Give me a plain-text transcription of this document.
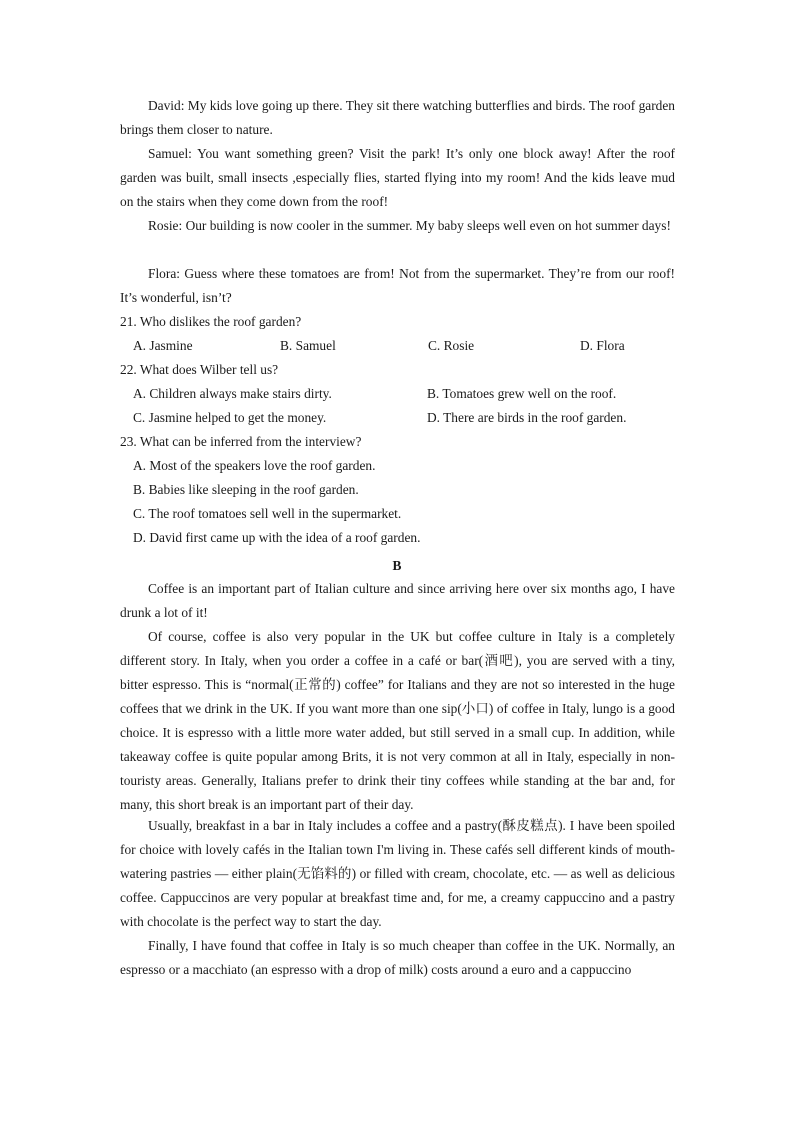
David: My kids love going up there. They sit there watching butterflies and birds. The roof garden brings them closer to nature.

Samuel: You want something green? Visit the park! It’s only one block away! After the roof garden was built, small insects ,especially flies, started flying into my room! And the kids leave mud on the stairs when they come down from the roof!

Rosie: Our building is now cooler in the summer. My baby sleeps well even on hot summer days!

Flora: Guess where these tomatoes are from! Not from the supermarket. They’re from our roof! It’s wonderful, isn’t?

21. Who dislikes the roof garden?

A. Jasmine	B. Samuel	C. Rosie	D. Flora

22. What does Wilber tell us?

A. Children always make stairs dirty.	B. Tomatoes grew well on the roof.
C. Jasmine helped to get the money.	D. There are birds in the roof garden.

23. What can be inferred from the interview?

A. Most of the speakers love the roof garden.
B. Babies like sleeping in the roof garden.
C. The roof tomatoes sell well in the supermarket.
D. David first came up with the idea of a roof garden.

B

Coffee is an important part of Italian culture and since arriving here over six months ago, I have drunk a lot of it!

Of course, coffee is also very popular in the UK but coffee culture in Italy is a completely different story. In Italy, when you order a coffee in a café or bar(酒吧), you are served with a tiny, bitter espresso. This is “normal(正常的) coffee” for Italians and they are not so interested in the huge coffees that we drink in the UK. If you want more than one sip(小口) of coffee in Italy, lungo is a good choice. It is espresso with a little more water added, but still served in a small cup. In addition, while takeaway coffee is quite popular among Brits, it is not very common at all in Italy, especially in non-touristy areas. Generally, Italians prefer to drink their tiny coffees while standing at the bar and, for many, this short break is an important part of their day.

Usually, breakfast in a bar in Italy includes a coffee and a pastry(酥皮糕点). I have been spoiled for choice with lovely cafés in the Italian town I'm living in. These cafés sell different kinds of mouth-watering pastries — either plain(无馅料的) or filled with cream, chocolate, etc. — as well as delicious coffee. Cappuccinos are very popular at breakfast time and, for me, a creamy cappuccino and a pastry with chocolate is the perfect way to start the day.

Finally, I have found that coffee in Italy is so much cheaper than coffee in the UK. Normally, an espresso or a macchiato (an espresso with a drop of milk) costs around a euro and a cappuccino
